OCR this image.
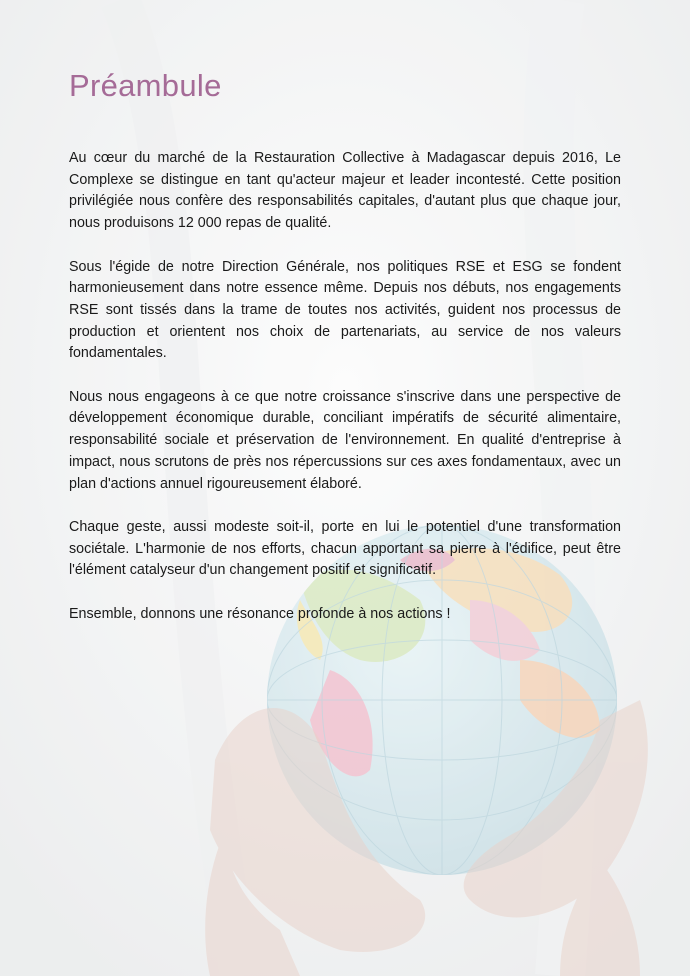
Préambule

Au cœur du marché de la Restauration Collective à Madagascar depuis 2016, Le Complexe se distingue en tant qu'acteur majeur et leader incontesté. Cette position privilégiée nous confère des responsabilités capitales, d'autant plus que chaque jour, nous produisons 12 000 repas de qualité.

Sous l'égide de notre Direction Générale, nos politiques RSE et ESG se fondent harmonieusement dans notre essence même. Depuis nos débuts, nos engagements RSE sont tissés dans la trame de toutes nos activités, guident nos processus de production et orientent nos choix de partenariats, au service de nos valeurs fondamentales.

Nous nous engageons à ce que notre croissance s'inscrive dans une perspective de développement économique durable, conciliant impératifs de sécurité alimentaire, responsabilité sociale et préservation de l'environnement. En qualité d'entreprise à impact, nous scrutons de près nos répercussions sur ces axes fondamentaux, avec un plan d'actions annuel rigoureusement élaboré.

Chaque geste, aussi modeste soit-il, porte en lui le potentiel d'une transformation sociétale. L'harmonie de nos efforts, chacun apportant sa pierre à l'édifice, peut être l'élément catalyseur d'un changement positif et significatif.

Ensemble, donnons une résonance profonde à nos actions !
